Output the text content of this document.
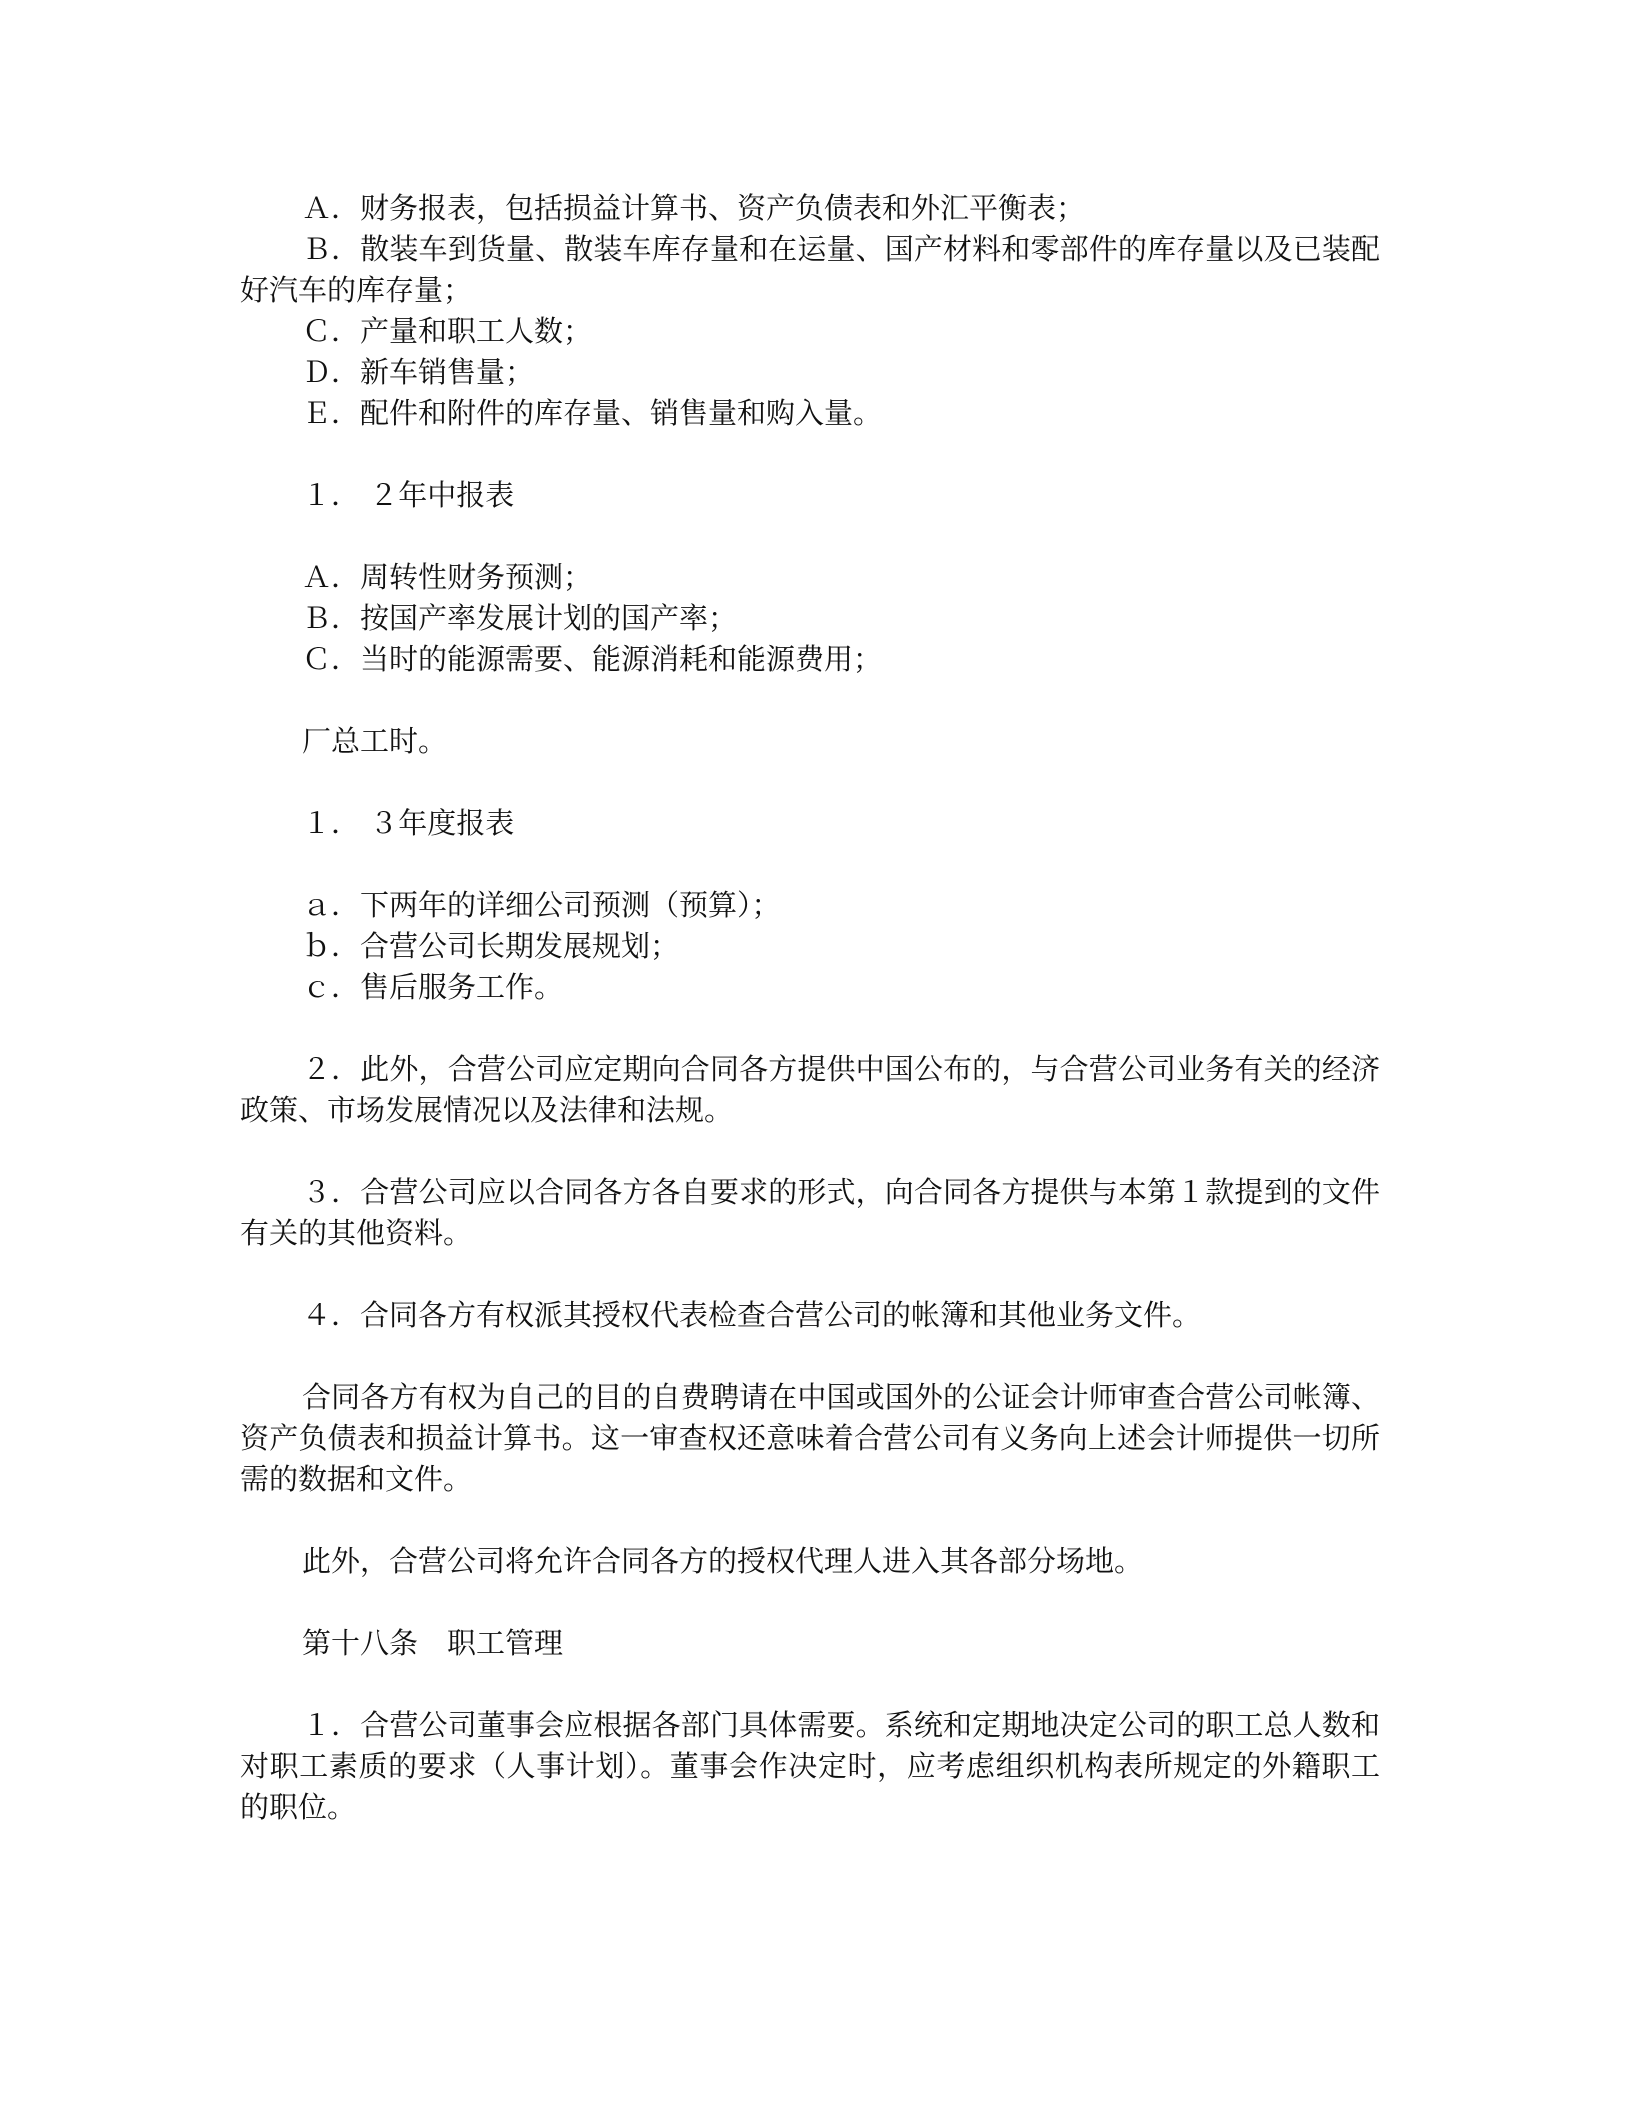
Ａ．财务报表，包括损益计算书、资产负债表和外汇平衡表；
Ｂ．散装车到货量、散装车库存量和在运量、国产材料和零部件的库存量以及已装配好汽车的库存量；
Ｃ．产量和职工人数；
Ｄ．新车销售量；
Ｅ．配件和附件的库存量、销售量和购入量。
１． ２年中报表
Ａ．周转性财务预测；
Ｂ．按国产率发展计划的国产率；
Ｃ．当时的能源需要、能源消耗和能源费用；
厂总工时。
１． ３年度报表
ａ．下两年的详细公司预测（预算）；
ｂ．合营公司长期发展规划；
ｃ．售后服务工作。
２．此外，合营公司应定期向合同各方提供中国公布的，与合营公司业务有关的经济政策、市场发展情况以及法律和法规。
３．合营公司应以合同各方各自要求的形式，向合同各方提供与本第１款提到的文件有关的其他资料。
４．合同各方有权派其授权代表检查合营公司的帐簿和其他业务文件。
合同各方有权为自己的目的自费聘请在中国或国外的公证会计师审查合营公司帐簿、资产负债表和损益计算书。这一审查权还意味着合营公司有义务向上述会计师提供一切所需的数据和文件。
此外，合营公司将允许合同各方的授权代理人进入其各部分场地。
第十八条　职工管理
１．合营公司董事会应根据各部门具体需要。系统和定期地决定公司的职工总人数和对职工素质的要求（人事计划）。董事会作决定时，应考虑组织机构表所规定的外籍职工的职位。
